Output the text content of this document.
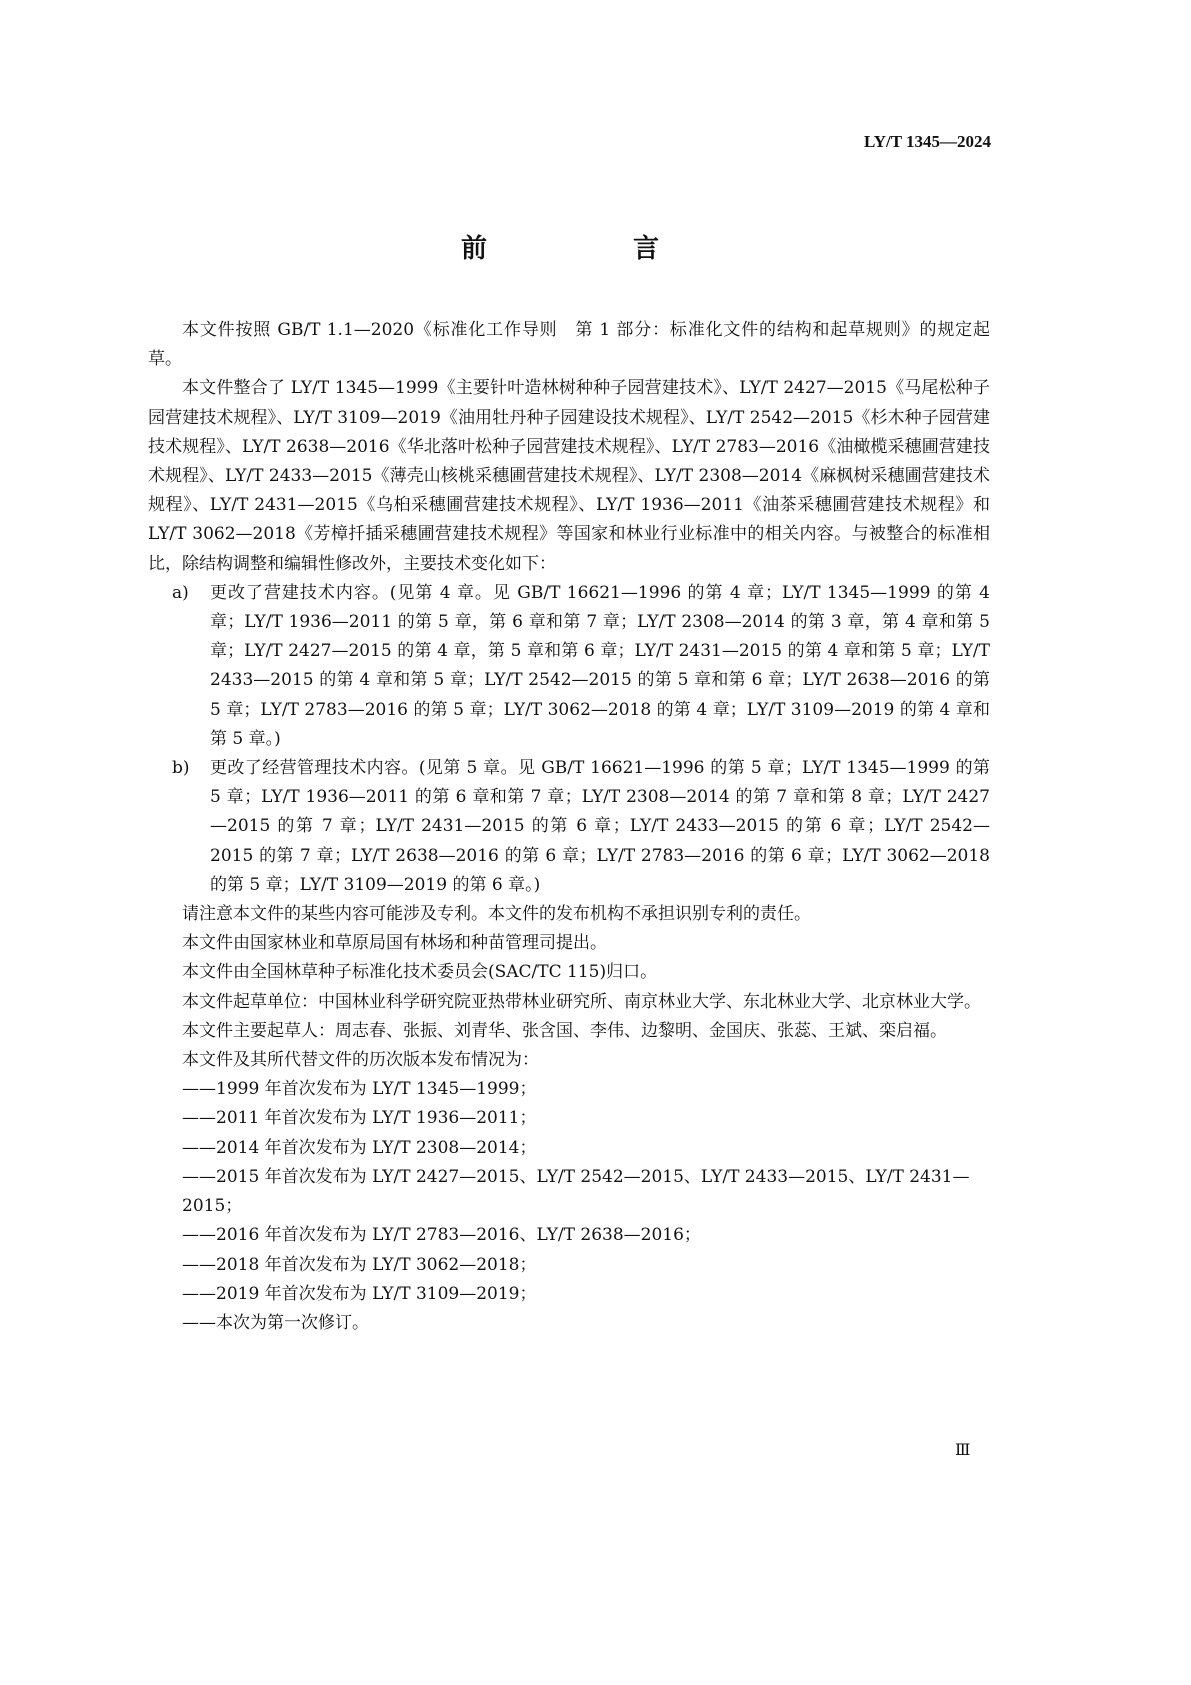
LY/T 1345—2024
前　言

本文件按照 GB/T 1.1—2020《标准化工作导则　第 1 部分：标准化文件的结构和起草规则》的规定起草。

本文件整合了 LY/T 1345—1999《主要针叶造林树种种子园营建技术》、LY/T 2427—2015《马尾松种子园营建技术规程》、LY/T 3109—2019《油用牡丹种子园建设技术规程》、LY/T 2542—2015《杉木种子园营建技术规程》、LY/T 2638—2016《华北落叶松种子园营建技术规程》、LY/T 2783—2016《油橄榄采穗圃营建技术规程》、LY/T 2433—2015《薄壳山核桃采穗圃营建技术规程》、LY/T 2308—2014《麻枫树采穗圃营建技术规程》、LY/T 2431—2015《乌桕采穗圃营建技术规程》、LY/T 1936—2011《油茶采穗圃营建技术规程》和 LY/T 3062—2018《芳樟扦插采穗圃营建技术规程》等国家和林业行业标准中的相关内容。与被整合的标准相比，除结构调整和编辑性修改外，主要技术变化如下：

a)	更改了营建技术内容。(见第 4 章。见 GB/T 16621—1996 的第 4 章；LY/T 1345—1999 的第 4 章；LY/T 1936—2011 的第 5 章，第 6 章和第 7 章；LY/T 2308—2014 的第 3 章，第 4 章和第 5 章；LY/T 2427—2015 的第 4 章，第 5 章和第 6 章；LY/T 2431—2015 的第 4 章和第 5 章；LY/T 2433—2015 的第 4 章和第 5 章；LY/T 2542—2015 的第 5 章和第 6 章；LY/T 2638—2016 的第 5 章；LY/T 2783—2016 的第 5 章；LY/T 3062—2018 的第 4 章；LY/T 3109—2019 的第 4 章和第 5 章。)
b)	更改了经营管理技术内容。(见第 5 章。见 GB/T 16621—1996 的第 5 章；LY/T 1345—1999 的第 5 章；LY/T 1936—2011 的第 6 章和第 7 章；LY/T 2308—2014 的第 7 章和第 8 章；LY/T 2427—2015 的第 7 章；LY/T 2431—2015 的第 6 章；LY/T 2433—2015 的第 6 章；LY/T 2542—2015 的第 7 章；LY/T 2638—2016 的第 6 章；LY/T 2783—2016 的第 6 章；LY/T 3062—2018 的第 5 章；LY/T 3109—2019 的第 6 章。)

请注意本文件的某些内容可能涉及专利。本文件的发布机构不承担识别专利的责任。

本文件由国家林业和草原局国有林场和种苗管理司提出。

本文件由全国林草种子标准化技术委员会(SAC/TC 115)归口。

本文件起草单位：中国林业科学研究院亚热带林业研究所、南京林业大学、东北林业大学、北京林业大学。

本文件主要起草人：周志春、张振、刘青华、张含国、李伟、边黎明、金国庆、张蕊、王斌、栾启福。

本文件及其所代替文件的历次版本发布情况为：

——1999 年首次发布为 LY/T 1345—1999；

——2011 年首次发布为 LY/T 1936—2011；

——2014 年首次发布为 LY/T 2308—2014；

——2015 年首次发布为 LY/T 2427—2015、LY/T 2542—2015、LY/T 2433—2015、LY/T 2431—2015；

——2016 年首次发布为 LY/T 2783—2016、LY/T 2638—2016；

——2018 年首次发布为 LY/T 3062—2018；

——2019 年首次发布为 LY/T 3109—2019；

——本次为第一次修订。

Ⅲ
